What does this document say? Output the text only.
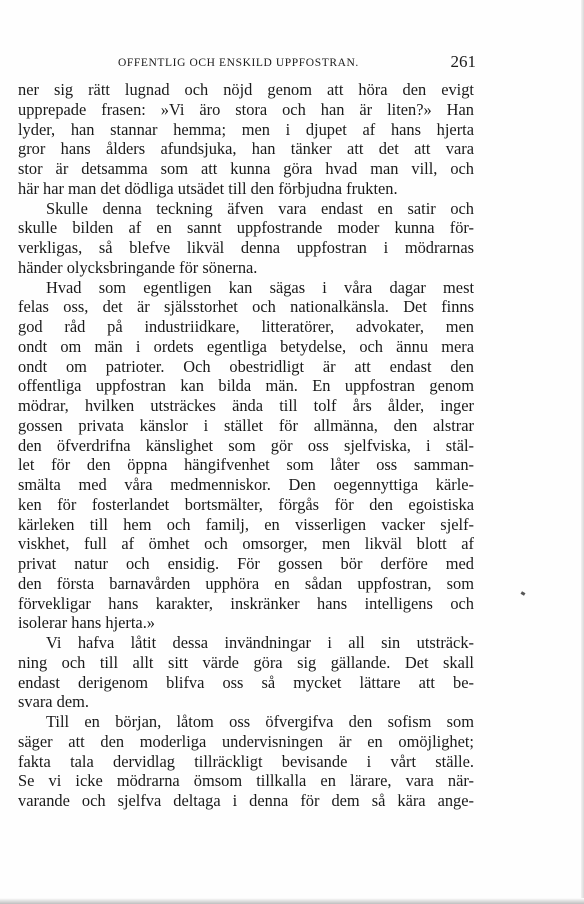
OFFENTLIG OCH ENSKILD UPPFOSTRAN.	261
ner sig rätt lugnad och nöjd genom att höra den evigt
upprepade frasen: »Vi äro stora och han är liten?» Han
lyder, han stannar hemma; men i djupet af hans hjerta
gror hans ålders afundsjuka, han tänker att det att vara
stor är detsamma som att kunna göra hvad man vill, och
här har man det dödliga utsädet till den förbjudna frukten.
Skulle denna teckning äfven vara endast en satir och
skulle bilden af en sannt uppfostrande moder kunna för-
verkligas, så blefve likväl denna uppfostran i mödrarnas
händer olycksbringande för sönerna.
Hvad som egentligen kan sägas i våra dagar mest
felas oss, det är själsstorhet och nationalkänsla. Det finns
god råd på industriidkare, litteratörer, advokater, men
ondt om män i ordets egentliga betydelse, och ännu mera
ondt om patrioter. Och obestridligt är att endast den
offentliga uppfostran kan bilda män. En uppfostran genom
mödrar, hvilken utsträckes ända till tolf års ålder, inger
gossen privata känslor i stället för allmänna, den alstrar
den öfverdrifna känslighet som gör oss sjelfviska, i stäl-
let för den öppna hängifvenhet som låter oss samman-
smälta med våra medmenniskor. Den oegennyttiga kärle-
ken för fosterlandet bortsmälter, förgås för den egoistiska
kärleken till hem och familj, en visserligen vacker sjelf-
viskhet, full af ömhet och omsorger, men likväl blott af
privat natur och ensidig. För gossen bör derföre med
den första barnavården upphöra en sådan uppfostran, som
förvekligar hans karakter, inskränker hans intelligens och
isolerar hans hjerta.»
Vi hafva låtit dessa invändningar i all sin utsträck-
ning och till allt sitt värde göra sig gällande. Det skall
endast derigenom blifva oss så mycket lättare att be-
svara dem.
Till en början, låtom oss öfvergifva den sofism som
säger att den moderliga undervisningen är en omöjlighet;
fakta tala dervidlag tillräckligt bevisande i vårt ställe.
Se vi icke mödrarna ömsom tillkalla en lärare, vara när-
varande och sjelfva deltaga i denna för dem så kära ange-
